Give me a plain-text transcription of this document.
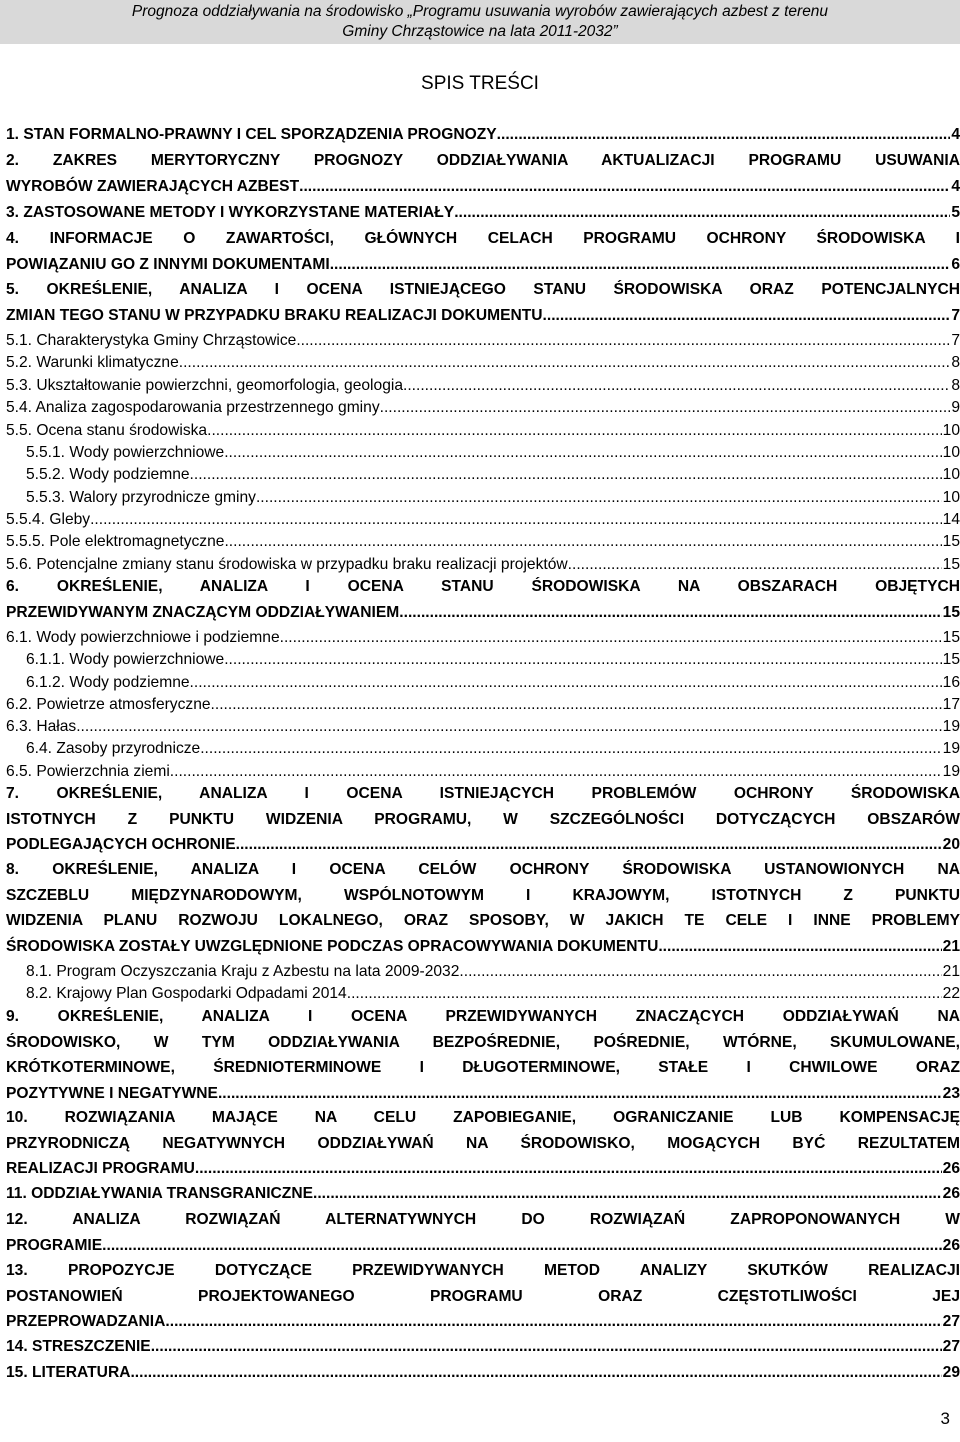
Prognoza oddziaływania na środowisko „Programu usuwania wyrobów zawierających azbest z terenu
Gminy Chrząstowice na lata 2011-2032”
SPIS TREŚCI
1. STAN FORMALNO-PRAWNY I CEL SPORZĄDZENIA PROGNOZY .....	4
2. ZAKRES MERYTORYCZNY PROGNOZY ODDZIAŁYWANIA AKTUALIZACJI PROGRAMU USUWANIA
WYROBÓW ZAWIERAJĄCYCH AZBEST .....	4
3. ZASTOSOWANE METODY I WYKORZYSTANE MATERIAŁY .....	5
4. INFORMACJE O ZAWARTOŚCI, GŁÓWNYCH CELACH PROGRAMU OCHRONY ŚRODOWISKA I
POWIĄZANIU GO Z INNYMI DOKUMENTAMI .....	6
5. OKREŚLENIE, ANALIZA I OCENA ISTNIEJĄCEGO STANU ŚRODOWISKA ORAZ POTENCJALNYCH
ZMIAN TEGO STANU W PRZYPADKU BRAKU REALIZACJI DOKUMENTU .....	7
5.1. Charakterystyka Gminy Chrząstowice .....	7
5.2. Warunki klimatyczne .....	8
5.3. Ukształtowanie powierzchni, geomorfologia, geologia .....	8
5.4. Analiza zagospodarowania przestrzennego gminy .....	9
5.5. Ocena stanu środowiska .....	10
5.5.1. Wody powierzchniowe .....	10
5.5.2. Wody podziemne .....	10
5.5.3. Walory przyrodnicze gminy .....	10
5.5.4. Gleby .....	14
5.5.5. Pole elektromagnetyczne .....	15
5.6. Potencjalne zmiany stanu środowiska w przypadku braku realizacji projektów .....	15
6. OKREŚLENIE, ANALIZA I OCENA STANU ŚRODOWISKA NA OBSZARACH OBJĘTYCH
PRZEWIDYWANYM ZNACZĄCYM ODDZIAŁYWANIEM .....	15
6.1. Wody powierzchniowe i podziemne .....	15
6.1.1. Wody powierzchniowe .....	15
6.1.2. Wody podziemne .....	16
6.2. Powietrze atmosferyczne .....	17
6.3. Hałas .....	19
6.4. Zasoby przyrodnicze .....	19
6.5. Powierzchnia ziemi. .....	19
7. OKREŚLENIE, ANALIZA I OCENA ISTNIEJĄCYCH PROBLEMÓW OCHRONY ŚRODOWISKA
ISTOTNYCH Z PUNKTU WIDZENIA PROGRAMU, W SZCZEGÓLNOŚCI DOTYCZĄCYCH OBSZARÓW
PODLEGAJĄCYCH OCHRONIE .....	20
8. OKREŚLENIE, ANALIZA I OCENA CELÓW OCHRONY ŚRODOWISKA USTANOWIONYCH NA
SZCZEBLU MIĘDZYNARODOWYM, WSPÓLNOTOWYM I KRAJOWYM, ISTOTNYCH Z PUNKTU
WIDZENIA PLANU ROZWOJU LOKALNEGO, ORAZ SPOSOBY, W JAKICH TE CELE I INNE PROBLEMY
ŚRODOWISKA ZOSTAŁY UWZGLĘDNIONE PODCZAS OPRACOWYWANIA DOKUMENTU .....	21
8.1. Program Oczyszczania Kraju z Azbestu na lata 2009-2032 .....	21
8.2. Krajowy Plan Gospodarki Odpadami 2014 .....	22
9. OKREŚLENIE, ANALIZA I OCENA PRZEWIDYWANYCH ZNACZĄCYCH ODDZIAŁYWAŃ NA
ŚRODOWISKO, W TYM ODDZIAŁYWANIA BEZPOŚREDNIE, POŚREDNIE, WTÓRNE, SKUMULOWANE,
KRÓTKOTERMINOWE, ŚREDNIOTERMINOWE I DŁUGOTERMINOWE, STAŁE I CHWILOWE ORAZ
POZYTYWNE I NEGATYWNE .....	23
10. ROZWIĄZANIA MAJĄCE NA CELU ZAPOBIEGANIE, OGRANICZANIE LUB KOMPENSACJĘ
PRZYRODNICZĄ NEGATYWNYCH ODDZIAŁYWAŃ NA ŚRODOWISKO, MOGĄCYCH BYĆ REZULTATEM
REALIZACJI PROGRAMU .....	26
11. ODDZIAŁYWANIA TRANSGRANICZNE .....	26
12. ANALIZA ROZWIĄZAŃ ALTERNATYWNYCH DO ROZWIĄZAŃ ZAPROPONOWANYCH W
PROGRAMIE .....	26
13. PROPOZYCJE DOTYCZĄCE PRZEWIDYWANYCH METOD ANALIZY SKUTKÓW REALIZACJI
POSTANOWIEŃ PROJEKTOWANEGO PROGRAMU ORAZ CZĘSTOTLIWOŚCI JEJ
PRZEPROWADZANIA .....	27
14. STRESZCZENIE .....	27
15. LITERATURA .....	29
3
